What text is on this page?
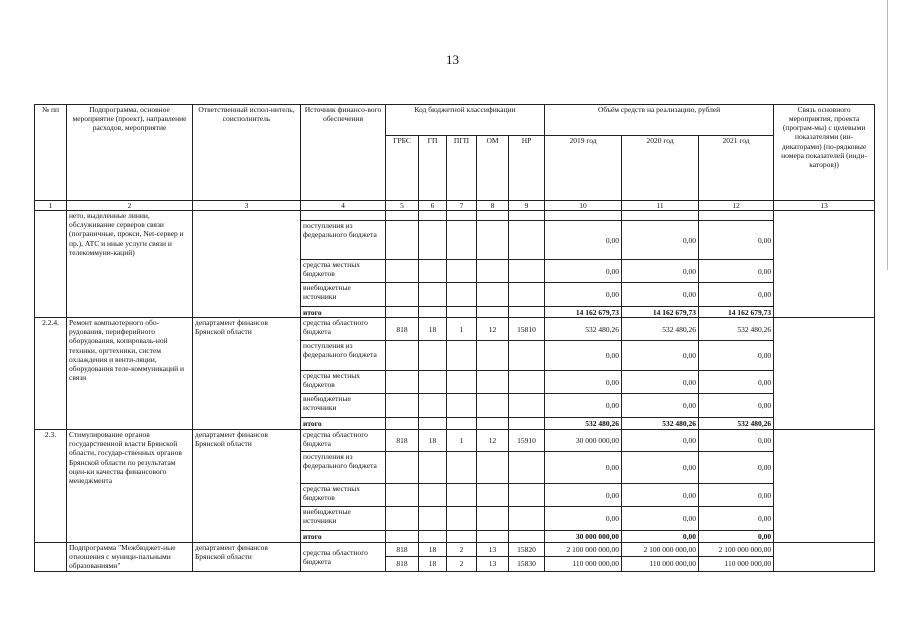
13
№ пп	Подпрограмма, основное мероприятие (проект), направление расходов, мероприятие	Ответственный испол-нитель, соисполнитель	Источник финансо-вого обеспечения	Код бюджетной классификации					Объём средств на реализацию, рублей			Связь основного мероприятия, проекта (програм-мы) с целевыми показателями (ин-дикаторами) (по-рядковые номера показателей (инди-каторов))
				ГРБС	ГП	ПГП	ОМ	НР	2019 год	2020 год	2021 год	
1	2	3	4	5	6	7	8	9	10	11	12	13
	нето, выделенные линии, обслуживание серверов связи (пограничные, прокси, Net-сервер и пр.), АТС и иные услуги связи и телекоммуни-каций)											
			поступления из федерального бюджета						0,00	0,00	0,00	
			средства местных бюджетов						0,00	0,00	0,00	
			внебюджетные источники						0,00	0,00	0,00	
			итого						14 162 679,73	14 162 679,73	14 162 679,73	
2.2.4.	Ремонт компьютерного обо-рудования, периферийного оборудования, копироваль-ной техники, оргтехники, систем охлаждения и венти-ляции, оборудования теле-коммуникаций и связи	департамент финансов Брянской области	средства областного бюджета	818	18	1	12	15810	532 480,26	532 480,26	532 480,26	
			поступления из федерального бюджета						0,00	0,00	0,00	
			средства местных бюджетов						0,00	0,00	0,00	
			внебюджетные источники						0,00	0,00	0,00	
			итого						532 480,26	532 480,26	532 480,26	
2.3.	Стимулирование органов государственной власти Брянской области, государ-ственных органов Брянской области по результатам оцен-ки качества финансового менеджмента	департамент финансов Брянской области	средства областного бюджета	818	18	1	12	15910	30 000 000,00	0,00	0,00	
			поступления из федерального бюджета						0,00	0,00	0,00	
			средства местных бюджетов						0,00	0,00	0,00	
			внебюджетные источники						0,00	0,00	0,00	
			итого						30 000 000,00	0,00	0,00	
	Подпрограмма "Межбюджет-ные отношения с муници-пальными образованиями"	департамент финансов Брянской области	средства областного бюджета	818	18	2	13	15820	2 100 000 000,00	2 100 000 000,00	2 100 000 000,00	
				818	18	2	13	15830	110 000 000,00	110 000 000,00	110 000 000,00	
